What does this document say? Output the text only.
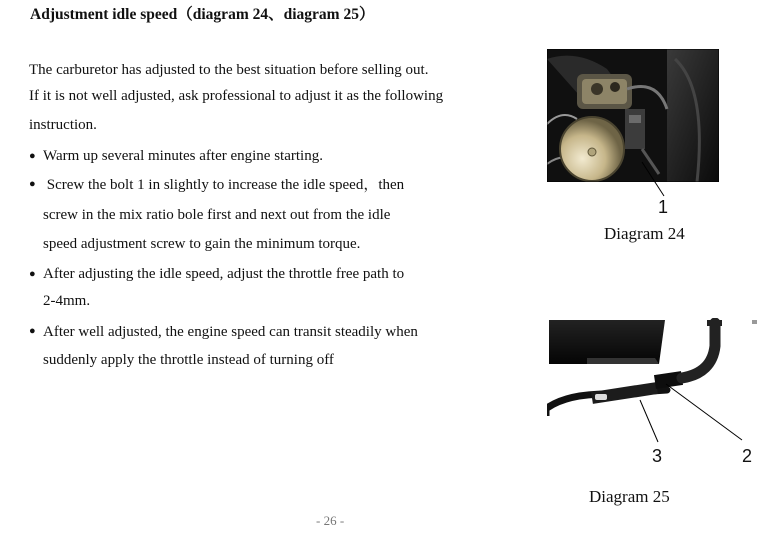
Adjustment idle speed（diagram 24、diagram 25）

The carburetor has adjusted to the best situation before selling out.
If it is not well adjusted, ask professional to adjust it as the following
instruction.

● Warm up several minutes after engine starting.
● Screw the bolt 1 in slightly to increase the idle speed，then
screw in the mix ratio bole first and next out from the idle
speed adjustment screw to gain the minimum torque.
● After adjusting the idle speed, adjust the throttle free path to
2-4mm.
● After well adjusted, the engine speed can transit steadily when
suddenly apply the throttle instead of turning off
1
Diagram 24
3	2
Diagram 25
- 26 -
